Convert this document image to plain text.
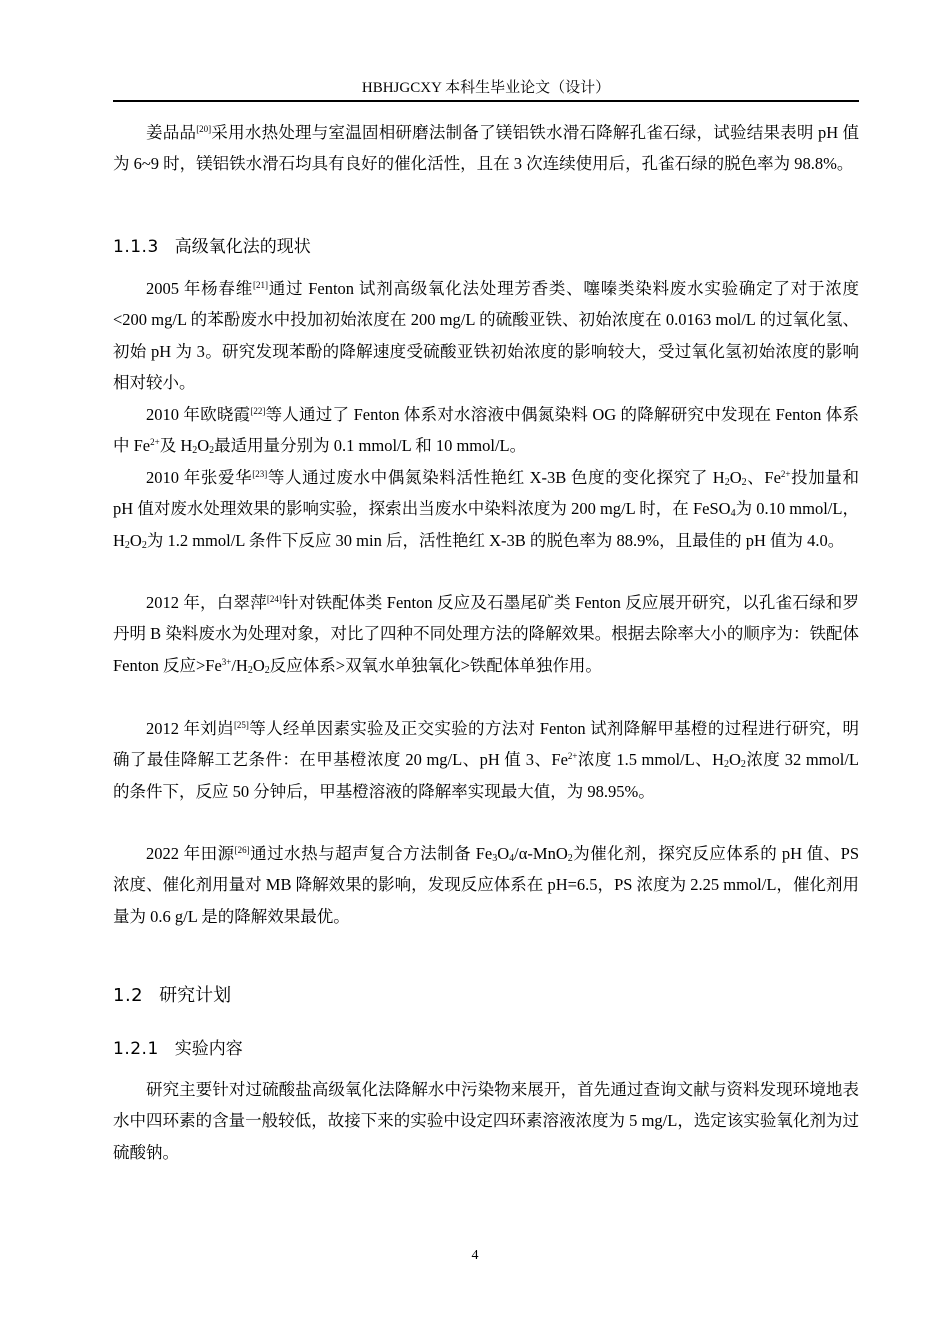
HBHJGCXY 本科生毕业论文（设计）

姜品品[20]采用水热处理与室温固相研磨法制备了镁铝铁水滑石降解孔雀石绿，试验结果表明 pH 值为 6~9 时，镁铝铁水滑石均具有良好的催化活性，且在 3 次连续使用后，孔雀石绿的脱色率为 98.8%。

1.1.3 高级氧化法的现状

2005 年杨春维[21]通过 Fenton 试剂高级氧化法处理芳香类、噻嗪类染料废水实验确定了对于浓度<200 mg/L 的苯酚废水中投加初始浓度在 200 mg/L 的硫酸亚铁、初始浓度在 0.0163 mol/L 的过氧化氢、初始 pH 为 3。研究发现苯酚的降解速度受硫酸亚铁初始浓度的影响较大，受过氧化氢初始浓度的影响相对较小。

2010 年欧晓霞[22]等人通过了 Fenton 体系对水溶液中偶氮染料 OG 的降解研究中发现在 Fenton 体系中 $Fe^{2+}$及 $H_2O_2$最适用量分别为 0.1 mmol/L 和 10 mmol/L。

2010 年张爱华[23]等人通过废水中偶氮染料活性艳红 X-3B 色度的变化探究了 $H_2O_2$、$Fe^{2+}$投加量和 pH 值对废水处理效果的影响实验，探索出当废水中染料浓度为 200 mg/L 时，在 FeSO$_4$为 0.10 mmol/L，$H_2O_2$为 1.2 mmol/L 条件下反应 30 min 后，活性艳红 X-3B 的脱色率为 88.9%，且最佳的 pH 值为 4.0。

2012 年，白翠萍[24]针对铁配体类 Fenton 反应及石墨尾矿类 Fenton 反应展开研究，以孔雀石绿和罗丹明 B 染料废水为处理对象，对比了四种不同处理方法的降解效果。根据去除率大小的顺序为：铁配体 Fenton 反应$>Fe^{3+}/H_2O_2$反应体系>双氧水单独氧化>铁配体单独作用。

2012 年刘岿[25]等人经单因素实验及正交实验的方法对 Fenton 试剂降解甲基橙的过程进行研究，明确了最佳降解工艺条件：在甲基橙浓度 20 mg/L、pH 值 3、$Fe^{2+}$浓度 1.5 mmol/L、$H_2O_2$浓度 32 mmol/L 的条件下，反应 50 分钟后，甲基橙溶液的降解率实现最大值，为 98.95%。

2022 年田源[26]通过水热与超声复合方法制备 $Fe_3O_4/\alpha-MnO_2$为催化剂，探究反应体系的 pH 值、PS 浓度、催化剂用量对 MB 降解效果的影响，发现反应体系在 pH=6.5，PS 浓度为 2.25 mmol/L，催化剂用量为 0.6 g/L 是的降解效果最优。

1.2 研究计划
1.2.1 实验内容

研究主要针对过硫酸盐高级氧化法降解水中污染物来展开，首先通过查询文献与资料发现环境地表水中四环素的含量一般较低，故接下来的实验中设定四环素溶液浓度为 5 mg/L，选定该实验氧化剂为过硫酸钠。

4
